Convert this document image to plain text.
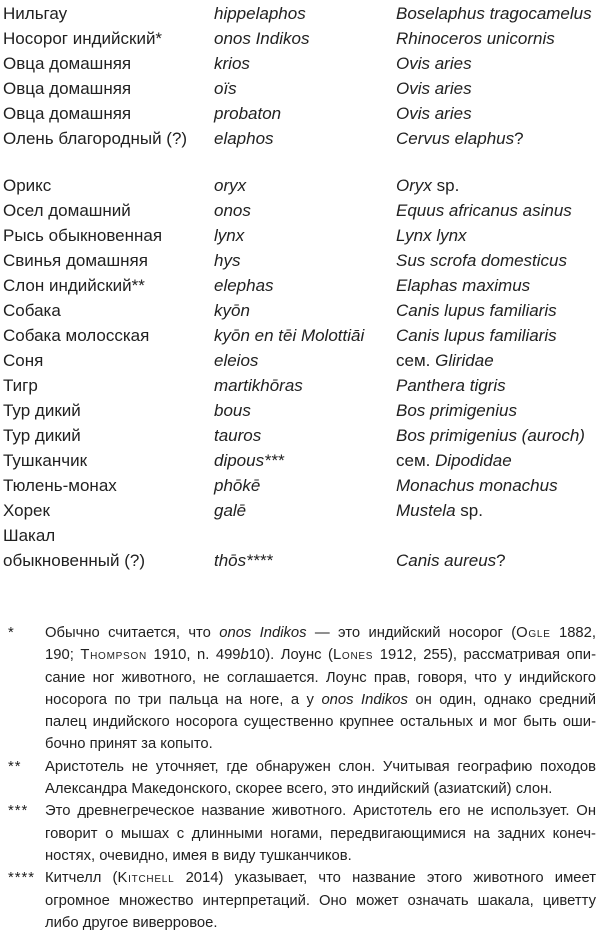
Нильгау	hippelaphos	Boselaphus tragocamelus
Носорог индийский*	onos Indikos	Rhinoceros unicornis
Овца домашняя	krios	Ovis aries
Овца домашняя	oïs	Ovis aries
Овца домашняя	probaton	Ovis aries
Олень благородный (?)	elaphos	Cervus elaphus?
Орикс	oryx	Oryx sp.
Осел домашний	onos	Equus africanus asinus
Рысь обыкновенная	lynx	Lynx lynx
Свинья домашняя	hys	Sus scrofa domesticus
Слон индийский**	elephas	Elaphas maximus
Собака	kyōn	Canis lupus familiaris
Собака молосская	kyōn en tēi Molottiāi	Canis lupus familiaris
Соня	eleios	сем. Gliridae
Тигр	martikhōras	Panthera tigris
Тур дикий	bous	Bos primigenius
Тур дикий	tauros	Bos primigenius (auroch)
Тушканчик	dipous***	сем. Dipodidae
Тюлень-монах	phōkē	Monachus monachus
Хорек	galē	Mustela sp.
Шакал
обыкновенный (?)	thōs****	Canis aureus?
*	Обычно считается, что onos Indikos — это индийский носорог (Ogle 1882,
190; Thompson 1910, n. 499b10). Лоунс (Lones 1912, 255), рассматривая опи-
сание ног животного, не соглашается. Лоунс прав, говоря, что у индийского
носорога по три пальца на ноге, а у onos Indikos он один, однако средний
палец индийского носорога существенно крупнее остальных и мог быть оши-
бочно принят за копыто.
**	Аристотель не уточняет, где обнаружен слон. Учитывая географию походов
Александра Македонского, скорее всего, это индийский (азиатский) слон.
***	Это древнегреческое название животного. Аристотель его не использует. Он
говорит о мышах с длинными ногами, передвигающимися на задних конеч-
ностях, очевидно, имея в виду тушканчиков.
**** Китчелл (Kitchell 2014) указывает, что название этого животного имеет
огромное множество интерпретаций. Оно может означать шакала, циветту
либо другое виверровое.
